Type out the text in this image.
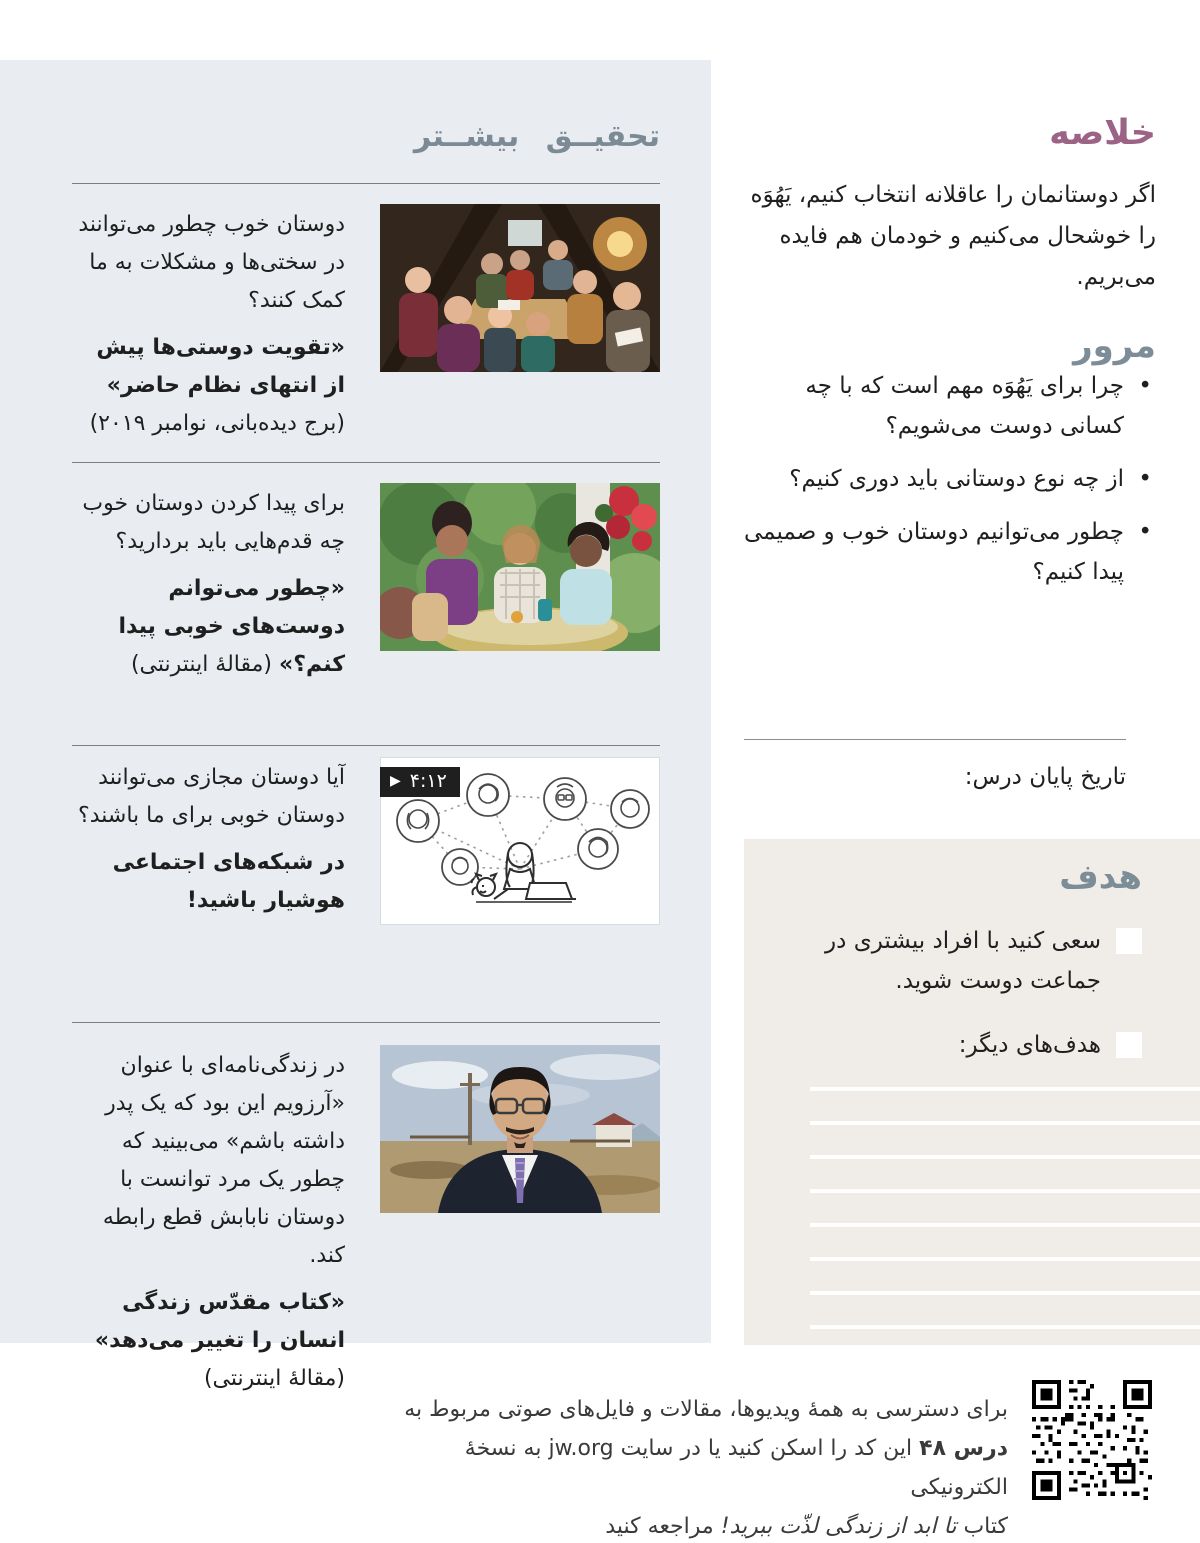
خلاصه

اگر دوستانمان را عاقلانه انتخاب کنیم، یَهُوَه را خوشحال می‌کنیم و خودمان هم فایده می‌بریم.

مرور
• چرا برای یَهُوَه مهم است که با چه کسانی دوست می‌شویم؟
• از چه نوع دوستانی باید دوری کنیم؟
• چطور می‌توانیم دوستان خوب و صمیمی پیدا کنیم؟
تاریخ پایان درس:
هدف
سعی کنید با افراد بیشتری در جماعت دوست شوید.
هدف‌های دیگر:
تحقیــق بیشــتر
دوستان خوب چطور می‌توانند در سختی‌ها و مشکلات به ما کمک کنند؟
«تقویت دوستی‌ها پیش از انتهای نظام حاضر» (برج دیده‌بانی، نوامبر ۲۰۱۹)
برای پیدا کردن دوستان خوب چه قدم‌هایی باید بردارید؟
«چطور می‌توانم دوست‌های خوبی پیدا کنم؟» (مقالهٔ اینترنتی)
▶ ۴:۱۲
آیا دوستان مجازی می‌توانند دوستان خوبی برای ما باشند؟
در شبکه‌های اجتماعی هوشیار باشید!
در زندگی‌نامه‌ای با عنوان «آرزویم این بود که یک پدر داشته باشم» می‌بینید که چطور یک مرد توانست با دوستان نابابش قطع رابطه کند.
«کتاب مقدّس زندگی انسان را تغییر می‌دهد» (مقالهٔ اینترنتی)
برای دسترسی به همهٔ ویدیوها، مقالات و فایل‌های صوتی مربوط به
درس ۴۸ این کد را اسکن کنید یا در سایت jw.org به نسخهٔ الکترونیکی
کتاب تا ابد از زندگی لذّت ببرید! مراجعه کنید
